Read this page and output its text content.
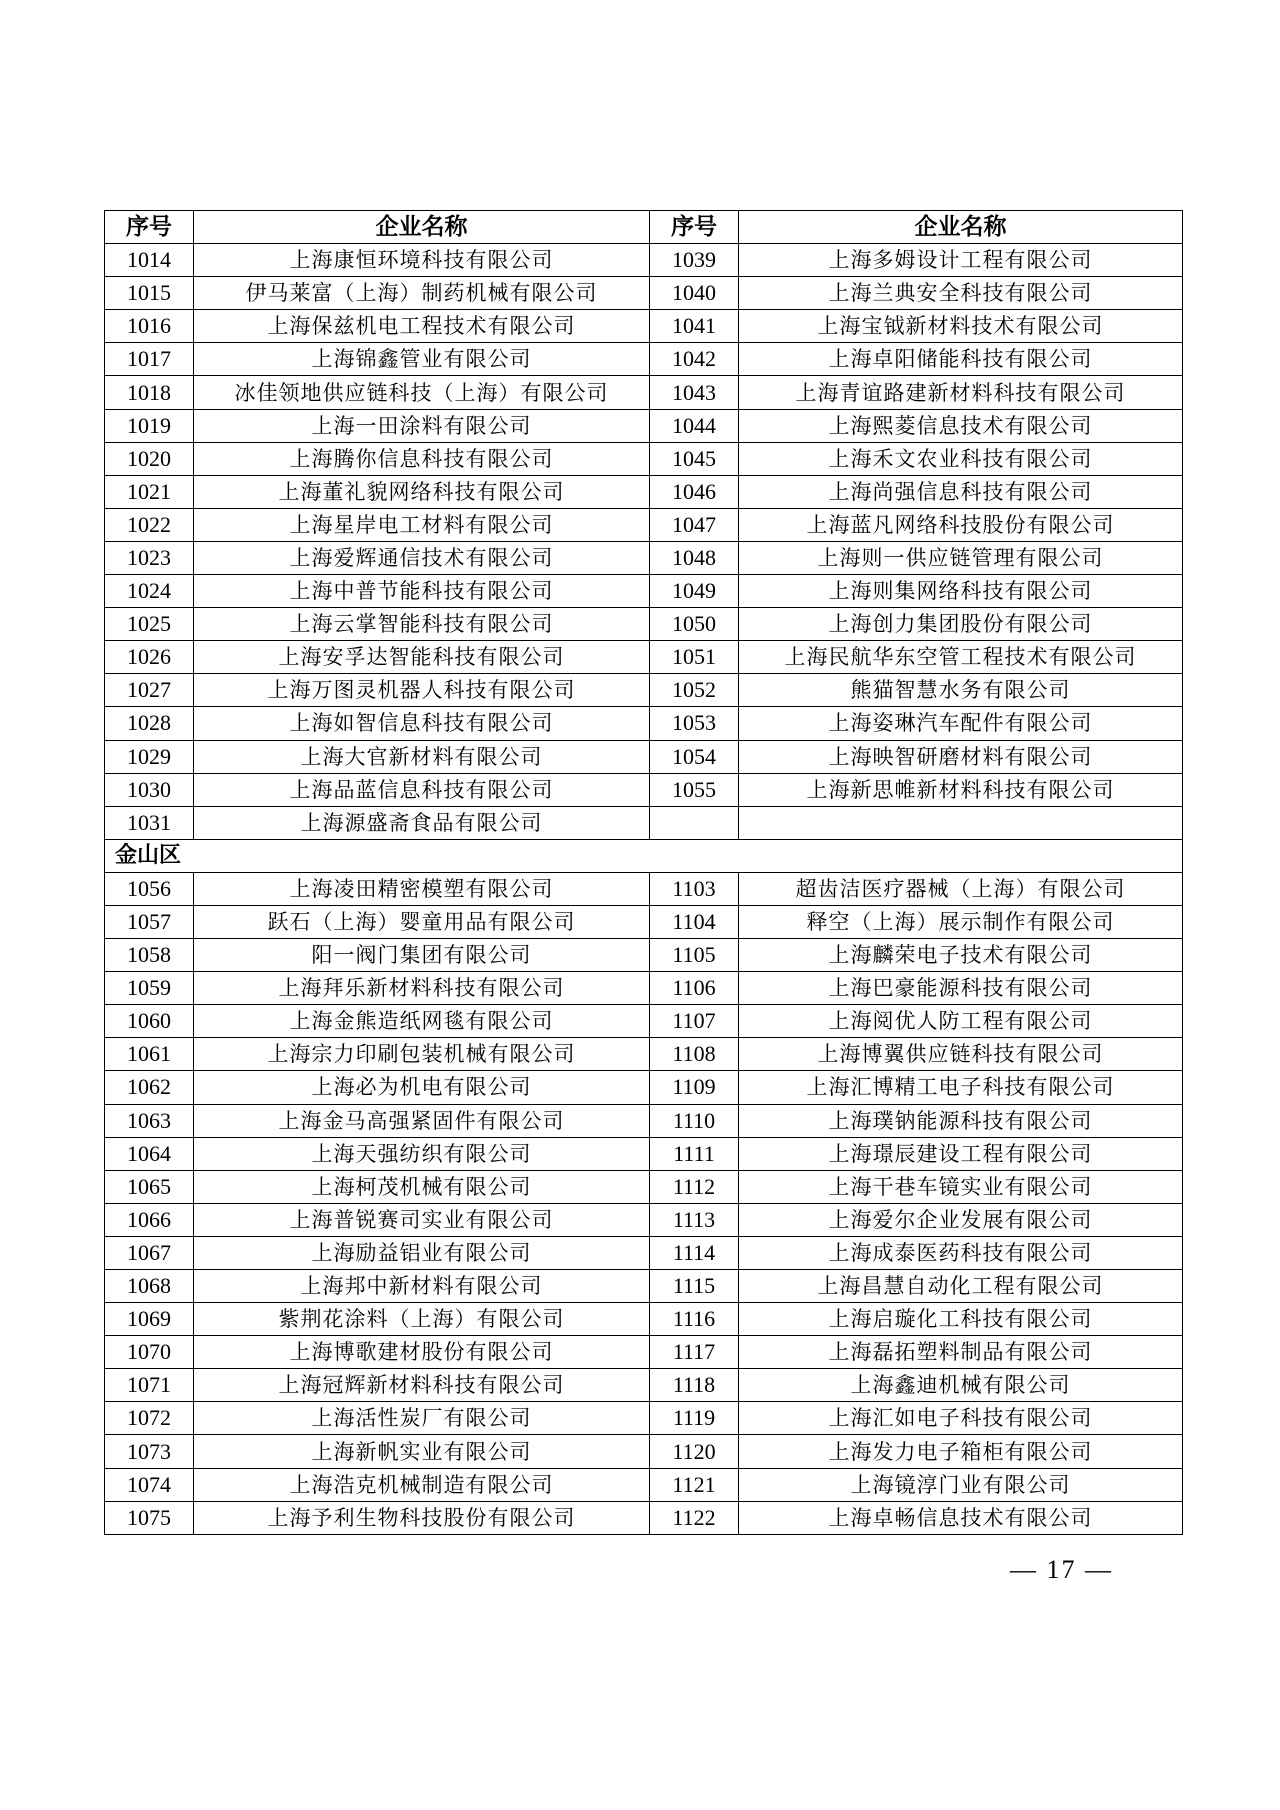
序号	企业名称	序号	企业名称
1014	上海康恒环境科技有限公司	1039	上海多姆设计工程有限公司
1015	伊马莱富（上海）制药机械有限公司	1040	上海兰典安全科技有限公司
1016	上海保兹机电工程技术有限公司	1041	上海宝钺新材料技术有限公司
1017	上海锦鑫管业有限公司	1042	上海卓阳储能科技有限公司
1018	冰佳领地供应链科技（上海）有限公司	1043	上海青谊路建新材料科技有限公司
1019	上海一田涂料有限公司	1044	上海熙菱信息技术有限公司
1020	上海腾你信息科技有限公司	1045	上海禾文农业科技有限公司
1021	上海董礼貌网络科技有限公司	1046	上海尚强信息科技有限公司
1022	上海星岸电工材料有限公司	1047	上海蓝凡网络科技股份有限公司
1023	上海爱辉通信技术有限公司	1048	上海则一供应链管理有限公司
1024	上海中普节能科技有限公司	1049	上海则集网络科技有限公司
1025	上海云掌智能科技有限公司	1050	上海创力集团股份有限公司
1026	上海安孚达智能科技有限公司	1051	上海民航华东空管工程技术有限公司
1027	上海万图灵机器人科技有限公司	1052	熊猫智慧水务有限公司
1028	上海如智信息科技有限公司	1053	上海姿琳汽车配件有限公司
1029	上海大官新材料有限公司	1054	上海映智研磨材料有限公司
1030	上海品蓝信息科技有限公司	1055	上海新思帷新材料科技有限公司
1031	上海源盛斋食品有限公司		
金山区			
1056	上海凌田精密模塑有限公司	1103	超齿洁医疗器械（上海）有限公司
1057	跃石（上海）婴童用品有限公司	1104	释空（上海）展示制作有限公司
1058	阳一阀门集团有限公司	1105	上海麟荣电子技术有限公司
1059	上海拜乐新材料科技有限公司	1106	上海巴豪能源科技有限公司
1060	上海金熊造纸网毯有限公司	1107	上海阅优人防工程有限公司
1061	上海宗力印刷包装机械有限公司	1108	上海博翼供应链科技有限公司
1062	上海必为机电有限公司	1109	上海汇博精工电子科技有限公司
1063	上海金马高强紧固件有限公司	1110	上海璞钠能源科技有限公司
1064	上海天强纺织有限公司	1111	上海璟辰建设工程有限公司
1065	上海柯茂机械有限公司	1112	上海干巷车镜实业有限公司
1066	上海普锐赛司实业有限公司	1113	上海爱尔企业发展有限公司
1067	上海励益铝业有限公司	1114	上海成泰医药科技有限公司
1068	上海邦中新材料有限公司	1115	上海昌慧自动化工程有限公司
1069	紫荆花涂料（上海）有限公司	1116	上海启璇化工科技有限公司
1070	上海博歌建材股份有限公司	1117	上海磊拓塑料制品有限公司
1071	上海冠辉新材料科技有限公司	1118	上海鑫迪机械有限公司
1072	上海活性炭厂有限公司	1119	上海汇如电子科技有限公司
1073	上海新帆实业有限公司	1120	上海发力电子箱柜有限公司
1074	上海浩克机械制造有限公司	1121	上海镜淳门业有限公司
1075	上海予利生物科技股份有限公司	1122	上海卓畅信息技术有限公司
— 17 —
